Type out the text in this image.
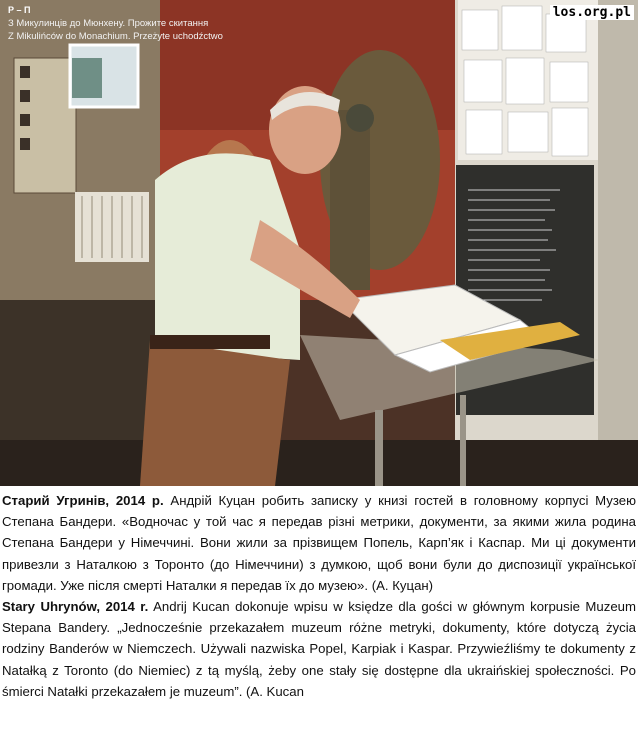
Р – П
З Микулинців до Мюнхену. Прожите скитання
Z Mikulińców do Monachium. Przeżyte uchodźctwo
los.org.pl

Старий Угринів, 2014 р. Андрій Куцан робить записку у книзі гостей в головному корпусі Музею Степана Бандери. «Водночас у той час я передав різні метрики, документи, за якими жила родина Степана Бандери у Німеччині. Вони жили за прізвищем Попель, Карп’як і Каспар. Ми ці документи привезли з Наталкою з Торонто (до Німеччини) з думкою, щоб вони були до диспозиції української громади. Уже після смерті Наталки я передав їх до музею». (А. Куцан)

Stary Uhrynów, 2014 r. Andrij Kucan dokonuje wpisu w księdze dla gości w głównym korpusie Muzeum Stepana Bandery. „Jednocześnie przekazałem muzeum różne metryki, dokumenty, które dotyczą życia rodziny Banderów w Niemczech. Używali nazwiska Popel, Karpiak i Kaspar. Przywieźliśmy te dokumenty z Natałką z Toronto (do Niemiec) z tą myślą, żeby one stały się dostępne dla ukraińskiej społeczności. Po śmierci Natałki przekazałem je muzeum”. (A. Kucan
